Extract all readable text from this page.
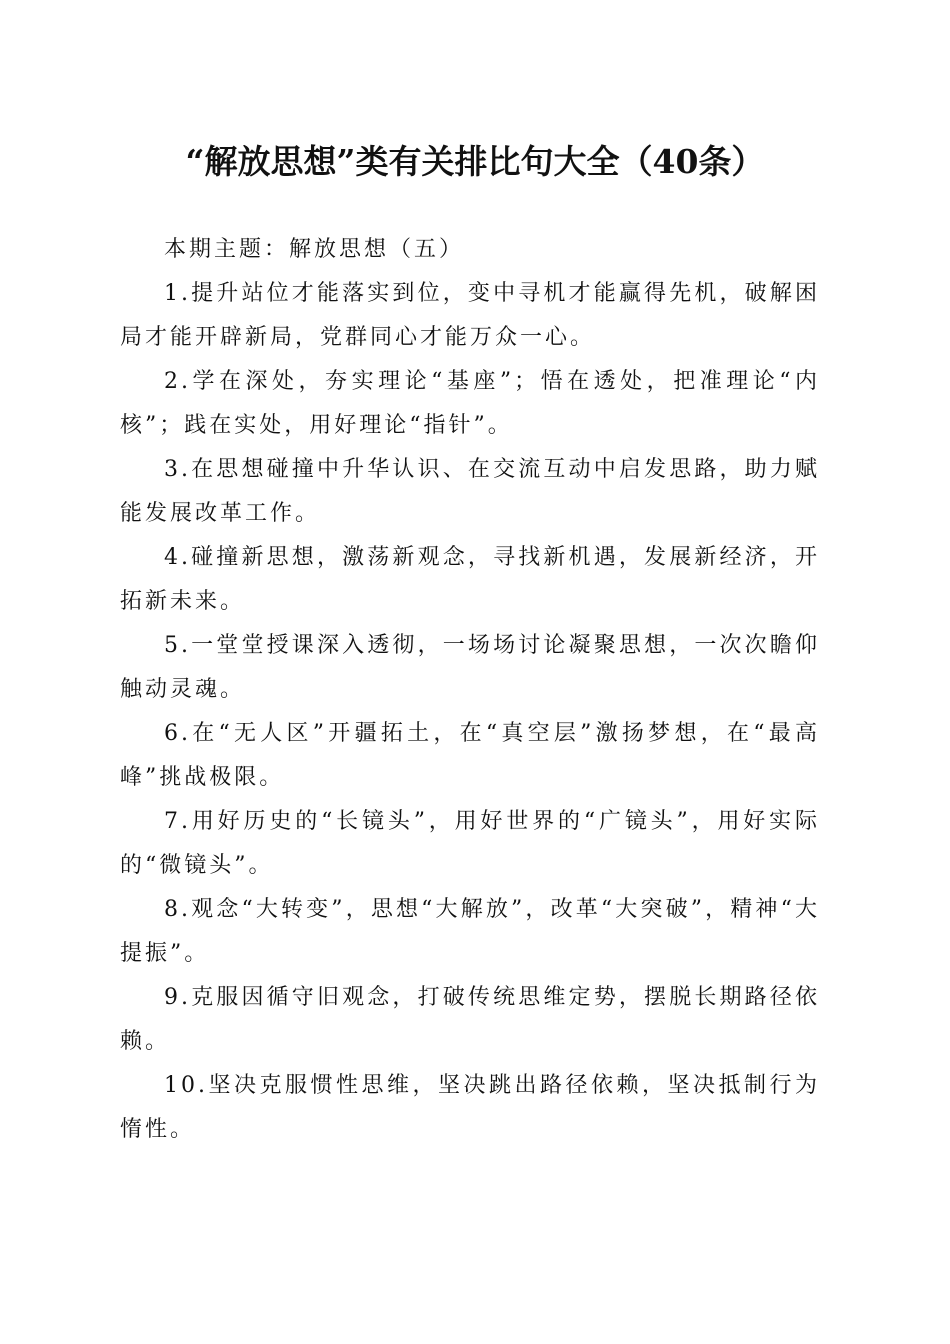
“解放思想”类有关排比句大全（40条）

本期主题：解放思想（五）

1.提升站位才能落实到位，变中寻机才能赢得先机，破解困局才能开辟新局，党群同心才能万众一心。

2.学在深处，夯实理论“基座”；悟在透处，把准理论“内核”；践在实处，用好理论“指针”。

3.在思想碰撞中升华认识、在交流互动中启发思路，助力赋能发展改革工作。

4.碰撞新思想，激荡新观念，寻找新机遇，发展新经济，开拓新未来。

5.一堂堂授课深入透彻，一场场讨论凝聚思想，一次次瞻仰触动灵魂。

6.在“无人区”开疆拓土，在“真空层”激扬梦想，在“最高峰”挑战极限。

7.用好历史的“长镜头”，用好世界的“广镜头”，用好实际的“微镜头”。

8.观念“大转变”，思想“大解放”，改革“大突破”，精神“大提振”。

9.克服因循守旧观念，打破传统思维定势，摆脱长期路径依赖。

10.坚决克服惯性思维，坚决跳出路径依赖，坚决抵制行为惰性。
